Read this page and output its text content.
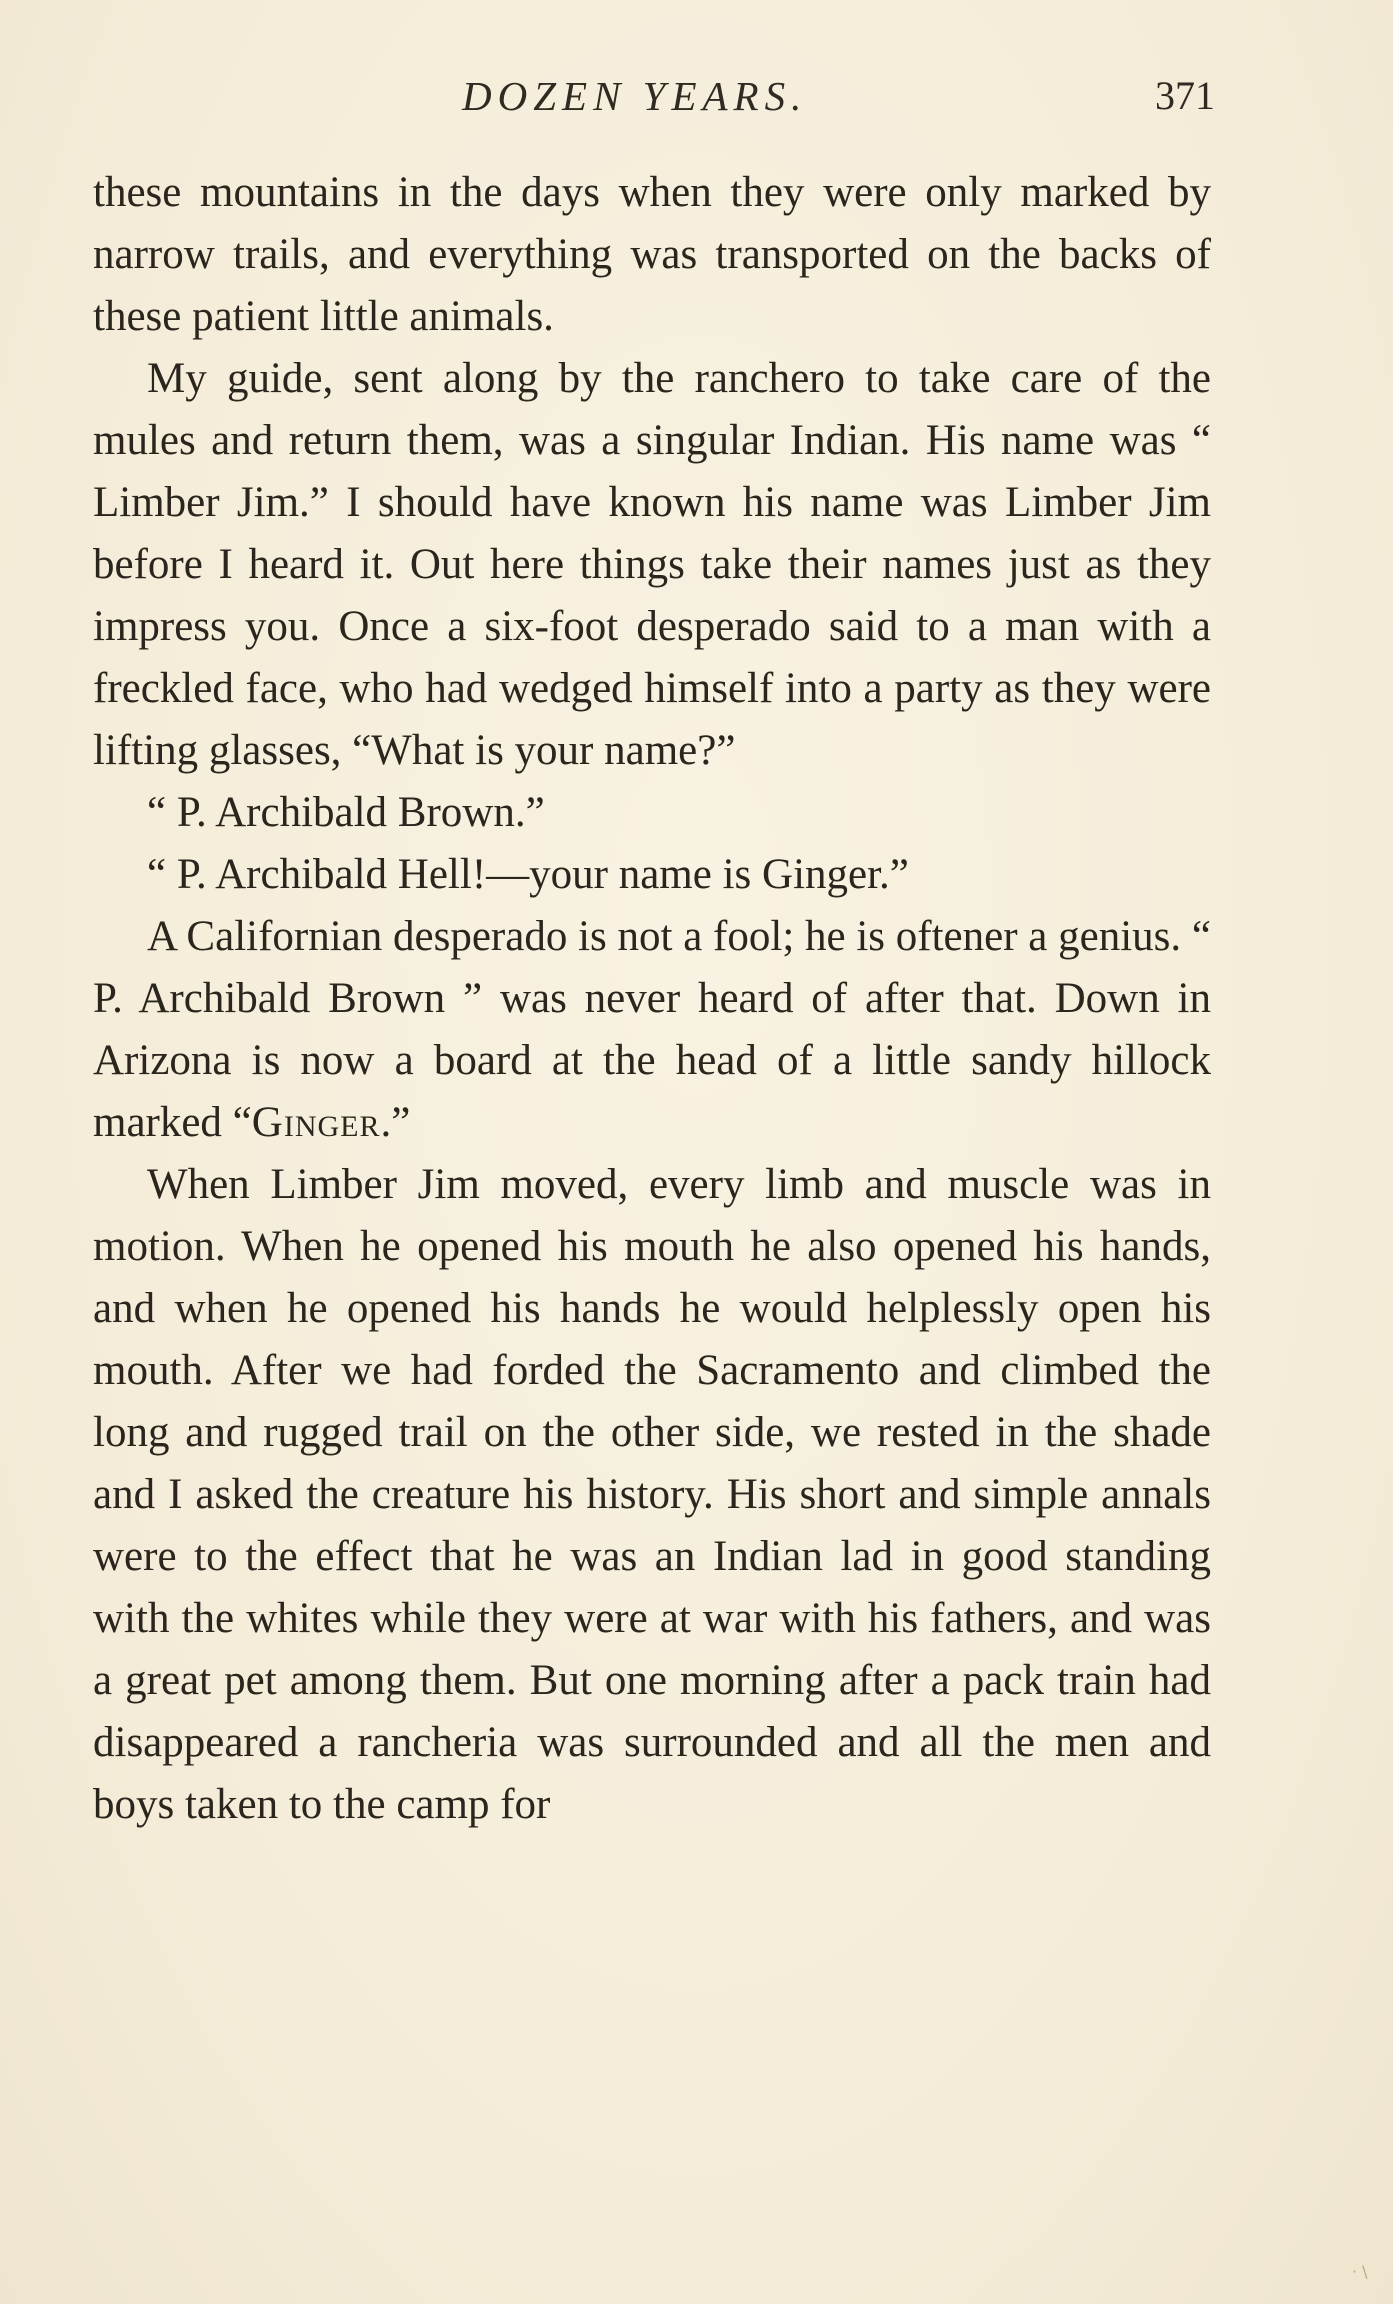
DOZEN YEARS.	371

these mountains in the days when they were only marked by narrow trails, and everything was transported on the backs of these patient little animals.

My guide, sent along by the ranchero to take care of the mules and return them, was a singular Indian. His name was “ Limber Jim.” I should have known his name was Limber Jim before I heard it. Out here things take their names just as they impress you. Once a six-foot desperado said to a man with a freckled face, who had wedged himself into a party as they were lifting glasses, “What is your name?”

“ P. Archibald Brown.”

“ P. Archibald Hell!—your name is Ginger.”

A Californian desperado is not a fool; he is oftener a genius. “ P. Archibald Brown ” was never heard of after that. Down in Arizona is now a board at the head of a little sandy hillock marked “Ginger.”

When Limber Jim moved, every limb and muscle was in motion. When he opened his mouth he also opened his hands, and when he opened his hands he would helplessly open his mouth. After we had forded the Sacramento and climbed the long and rugged trail on the other side, we rested in the shade and I asked the creature his history. His short and simple annals were to the effect that he was an Indian lad in good standing with the whites while they were at war with his fathers, and was a great pet among them. But one morning after a pack train had disappeared a rancheria was surrounded and all the men and boys taken to the camp for

· \
